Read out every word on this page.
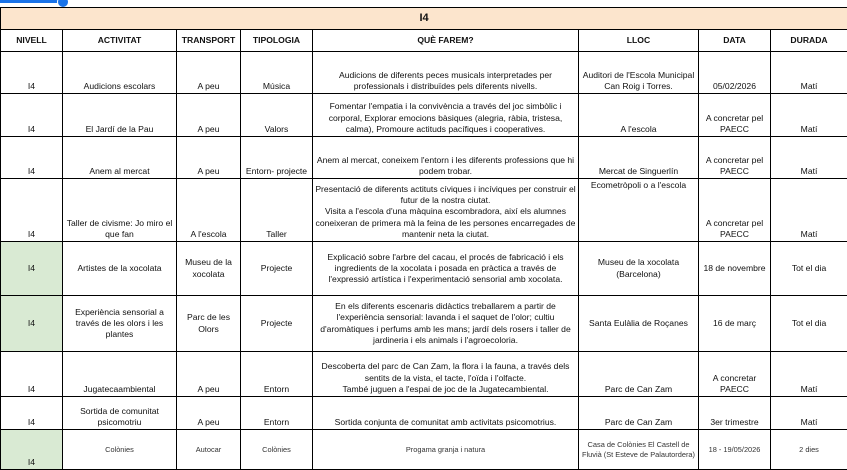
I4							
NIVELL	ACTIVITAT	TRANSPORT	TIPOLOGIA	QUÈ FAREM?	LLOC	DATA	DURADA
I4	Audicions escolars	A peu	Música	Audicions de diferents peces musicals interpretades per professionals i distribuïdes pels diferents nivells.	Auditori de l'Escola Municipal Can Roig i Torres.	05/02/2026	Matí
I4	El Jardí de la Pau	A peu	Valors	Fomentar l'empatia i la convivència a través del joc simbòlic i corporal, Explorar emocions bàsiques (alegria, ràbia, tristesa, calma), Promoure actituds pacífiques i cooperatives.	A l'escola	A concretar pel PAECC	Matí
I4	Anem al mercat	A peu	Entorn- projecte	Anem al mercat, coneixem l'entorn i les diferents professions que hi podem trobar.	Mercat de Singuerlín	A concretar pel PAECC	Matí
I4	Taller de civisme: Jo miro el que fan	A l'escola	Taller	Presentació de diferents actituts cíviques i incíviques per construir el futur de la nostra ciutat.
Visita a l'escola d'una màquina escombradora, així els alumnes coneixeran de primera mà la feina de les persones encarregades de mantenir neta la ciutat.	Ecometròpoli o a l'escola	A concretar pel PAECC	Matí
I4	Artistes de la xocolata	Museu de la xocolata	Projecte	Explicació sobre l'arbre del cacau, el procés de fabricació i els ingredients de la xocolata i posada en pràctica a través de l'expressió artística i l'experimentació sensorial amb xocolata.	Museu de la xocolata (Barcelona)	18 de novembre	Tot el dia
I4	Experiència sensorial a través de les olors i les plantes	Parc de les Olors	Projecte	En els diferents escenaris didàctics treballarem a partir de l'experiència sensorial: lavanda i el saquet de l'olor; cultiu d'aromàtiques i perfums amb les mans; jardí dels rosers i taller de jardineria i els animals i l'agroecoloria.	Santa Eulàlia de Roçanes	16 de març	Tot el dia
I4	Jugatecaambiental	A peu	Entorn	Descoberta del parc de Can Zam, la flora i la fauna, a través dels sentits de la vista, el tacte, l'oïda i l'olfacte.
També juguen a l'espai de joc de la Jugatecambiental.	Parc de Can Zam	A concretar PAECC	Matí
I4	Sortida de comunitat psicomotriu	A peu	Entorn	Sortida conjunta de comunitat amb activitats psicomotrius.	Parc de Can Zam	3er trimestre	Matí
I4	Colònies	Autocar	Colònies	Progama granja i natura	Casa de Colònies El Castell de Fluvià (St Esteve de Palautordera)	18 - 19/05/2026	2 dies
